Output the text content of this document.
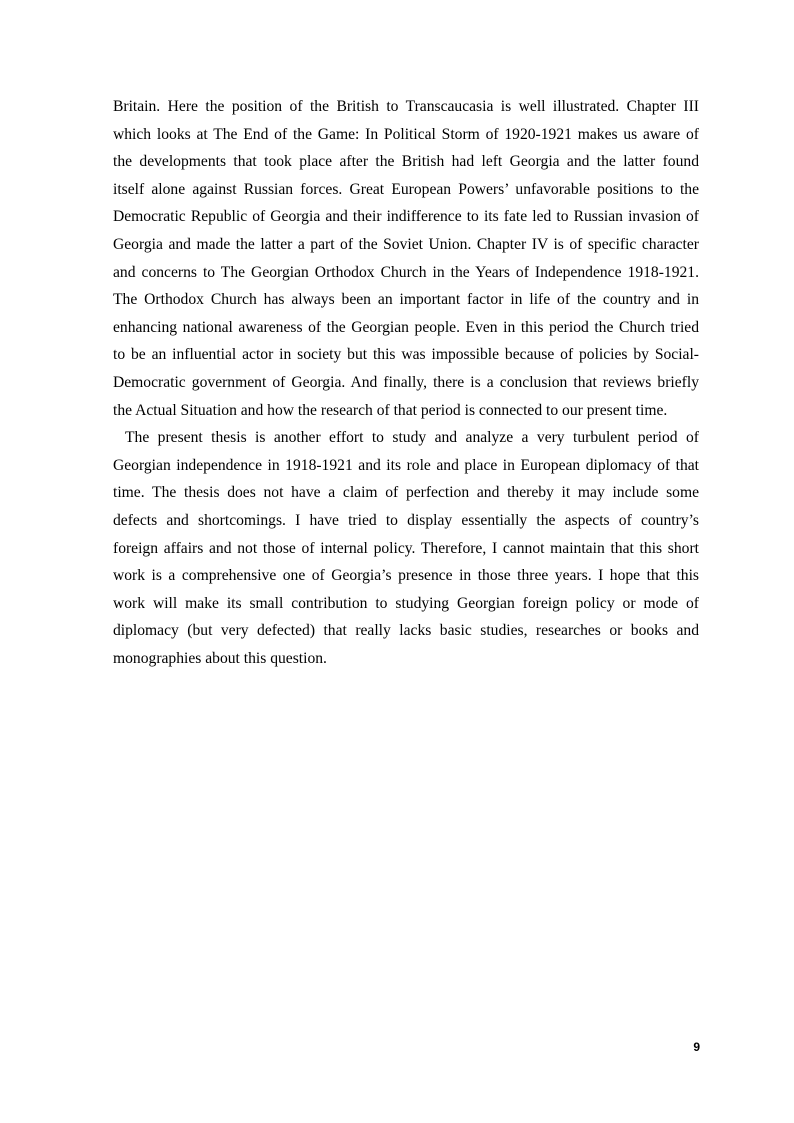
Britain. Here the position of the British to Transcaucasia is well illustrated. Chapter III
which looks at The End of the Game: In Political Storm of 1920-1921 makes us aware of
the developments that took place after the British had left Georgia and the latter found
itself alone against Russian forces. Great European Powers’ unfavorable positions to the
Democratic Republic of Georgia and their indifference to its fate led to Russian invasion of
Georgia and made the latter a part of the Soviet Union. Chapter IV is of specific character
and concerns to The Georgian Orthodox Church in the Years of Independence 1918-1921.
The Orthodox Church has always been an important factor in life of the country and in
enhancing national awareness of the Georgian people. Even in this period the Church tried
to be an influential actor in society but this was impossible because of policies by Social-
Democratic government of Georgia. And finally, there is a conclusion that reviews briefly
the Actual Situation and how the research of that period is connected to our present time.
The present thesis is another effort to study and analyze a very turbulent period of
Georgian independence in 1918-1921 and its role and place in European diplomacy of that
time. The thesis does not have a claim of perfection and thereby it may include some
defects and shortcomings. I have tried to display essentially the aspects of country’s
foreign affairs and not those of internal policy. Therefore, I cannot maintain that this short
work is a comprehensive one of Georgia’s presence in those three years. I hope that this
work will make its small contribution to studying Georgian foreign policy or mode of
diplomacy (but very defected) that really lacks basic studies, researches or books and
monographies about this question.
9
